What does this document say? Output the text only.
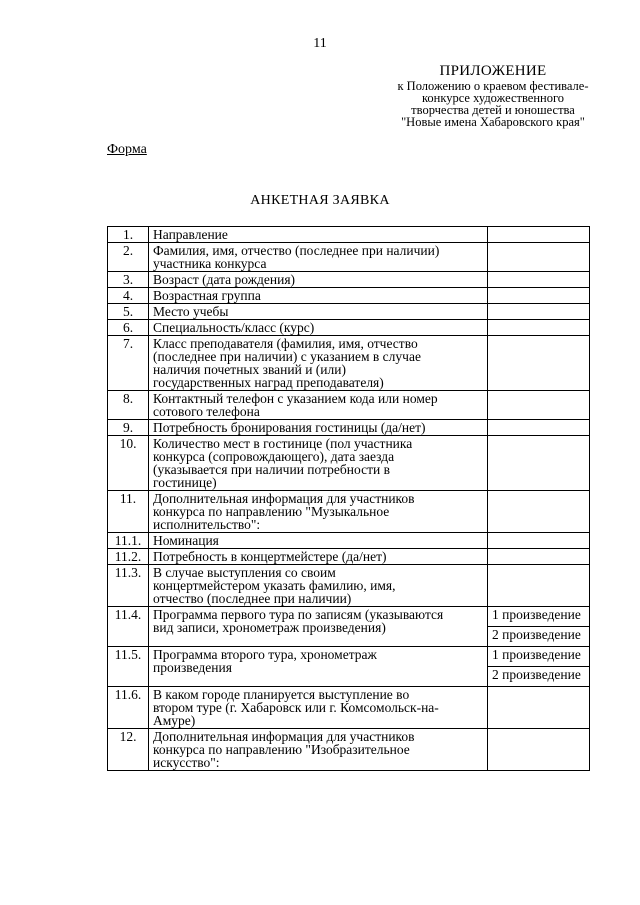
11
ПРИЛОЖЕНИЕ
к Положению о краевом фестивале-
конкурсе художественного
творчества детей и юношества
"Новые имена Хабаровского края"
Форма
АНКЕТНАЯ ЗАЯВКА
1.	Направление	

2.	Фамилия, имя, отчество (последнее при наличии)
участника конкурса	

3.	Возраст (дата рождения)	

4.	Возрастная группа	

5.	Место учебы	

6.	Специальность/класс (курс)	

7.	Класс преподавателя (фамилия, имя, отчество
(последнее при наличии) с указанием в случае
наличия почетных званий и (или)
государственных наград преподавателя)	

8.	Контактный телефон с указанием кода или номер
сотового телефона	

9.	Потребность бронирования гостиницы (да/нет)	

10.	Количество мест в гостинице (пол участника
конкурса (сопровождающего), дата заезда
(указывается при наличии потребности в
гостинице)	

11.	Дополнительная информация для участников
конкурса по направлению "Музыкальное
исполнительство":	

11.1.	Номинация	

11.2.	Потребность в концертмейстере (да/нет)	

11.3.	В случае выступления со своим
концертмейстером указать фамилию, имя,
отчество (последнее при наличии)	

11.4.	Программа первого тура по записям (указываются
вид записи, хронометраж произведения)	1 произведение
		2 произведение
11.5.	Программа второго тура, хронометраж
произведения	1 произведение
		2 произведение
11.6.	В каком городе планируется выступление во
втором туре (г. Хабаровск или г. Комсомольск-на-
Амуре)	

12.	Дополнительная информация для участников
конкурса по направлению "Изобразительное
искусство":	
